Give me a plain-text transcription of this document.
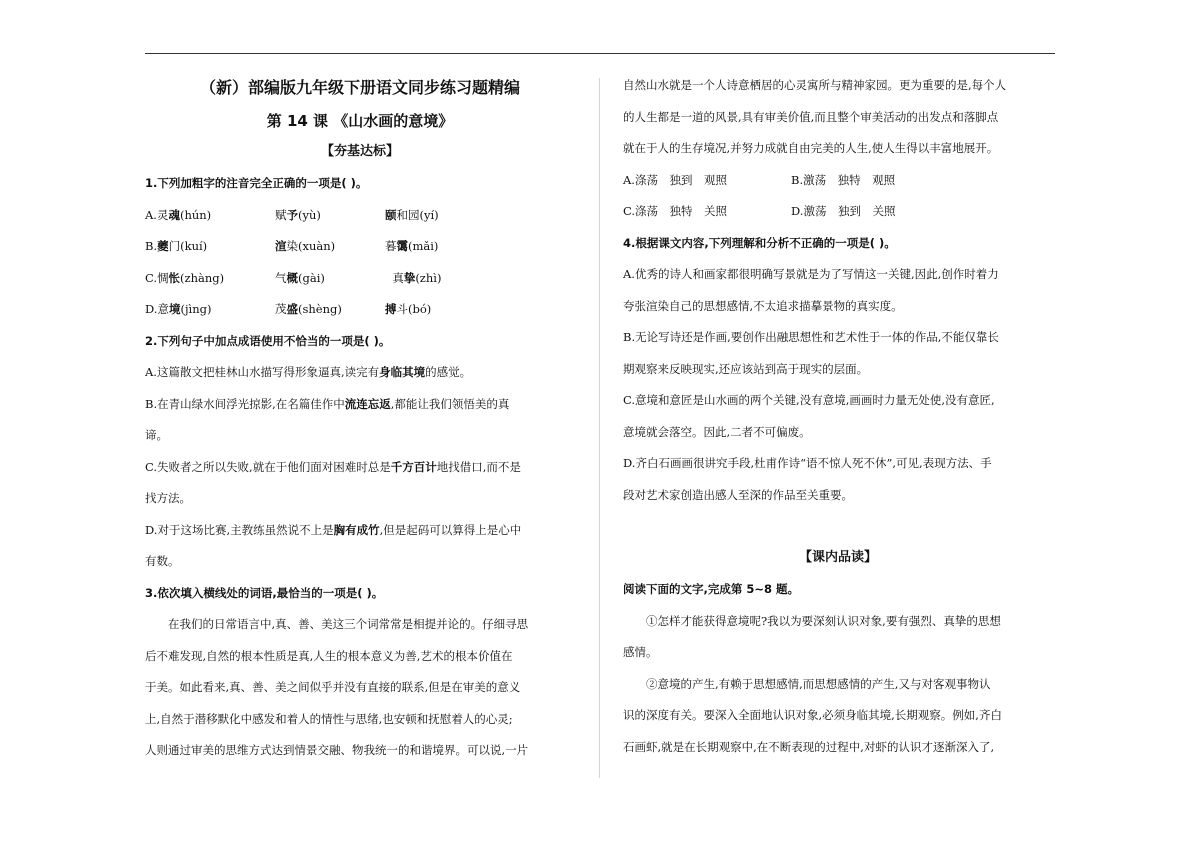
（新）部编版九年级下册语文同步练习题精编
第 14 课 《山水画的意境》
【夯基达标】
1.下列加粗字的注音完全正确的一项是( )。
A.灵魂(hún)	赋予(yù)	颐和园(yí)
B.夔门(kuí)	渲染(xuàn)	暮霭(mǎi)
C.惆怅(zhàng)	气概(gài)	真挚(zhì)
D.意境(jìng)	茂盛(shèng)	搏斗(bó)
2.下列句子中加点成语使用不恰当的一项是( )。
A.这篇散文把桂林山水描写得形象逼真,读完有身临其境的感觉。
B.在青山绿水间浮光掠影,在名篇佳作中流连忘返,都能让我们领悟美的真
谛。
C.失败者之所以失败,就在于他们面对困难时总是千方百计地找借口,而不是
找方法。
D.对于这场比赛,主教练虽然说不上是胸有成竹,但是起码可以算得上是心中
有数。
3.依次填入横线处的词语,最恰当的一项是( )。
在我们的日常语言中,真、善、美这三个词常常是相提并论的。仔细寻思
后不难发现,自然的根本性质是真,人生的根本意义为善,艺术的根本价值在
于美。如此看来,真、善、美之间似乎并没有直接的联系,但是在审美的意义
上,自然于潜移默化中感发和着人的情性与思绪,也安顿和抚慰着人的心灵;
人则通过审美的思维方式达到情景交融、物我统一的和谐境界。可以说,一片
自然山水就是一个人诗意栖居的心灵寓所与精神家园。更为重要的是,每个人
的人生都是一道的风景,具有审美价值,而且整个审美活动的出发点和落脚点
就在于人的生存境况,并努力成就自由完美的人生,使人生得以丰富地展开。
A.涤荡　独到　观照	B.激荡　独特　观照
C.涤荡　独特　关照	D.激荡　独到　关照
4.根据课文内容,下列理解和分析不正确的一项是( )。
A.优秀的诗人和画家都很明确写景就是为了写情这一关键,因此,创作时着力
夸张渲染自己的思想感情,不太追求描摹景物的真实度。
B.无论写诗还是作画,要创作出融思想性和艺术性于一体的作品,不能仅靠长
期观察来反映现实,还应该站到高于现实的层面。
C.意境和意匠是山水画的两个关键,没有意境,画画时力量无处使,没有意匠,
意境就会落空。因此,二者不可偏废。
D.齐白石画画很讲究手段,杜甫作诗“语不惊人死不休”,可见,表现方法、手
段对艺术家创造出感人至深的作品至关重要。
【课内品读】
阅读下面的文字,完成第 5~8 题。
①怎样才能获得意境呢?我以为要深刻认识对象,要有强烈、真挚的思想
感情。
②意境的产生,有赖于思想感情,而思想感情的产生,又与对客观事物认
识的深度有关。要深入全面地认识对象,必须身临其境,长期观察。例如,齐白
石画虾,就是在长期观察中,在不断表现的过程中,对虾的认识才逐渐深入了,
